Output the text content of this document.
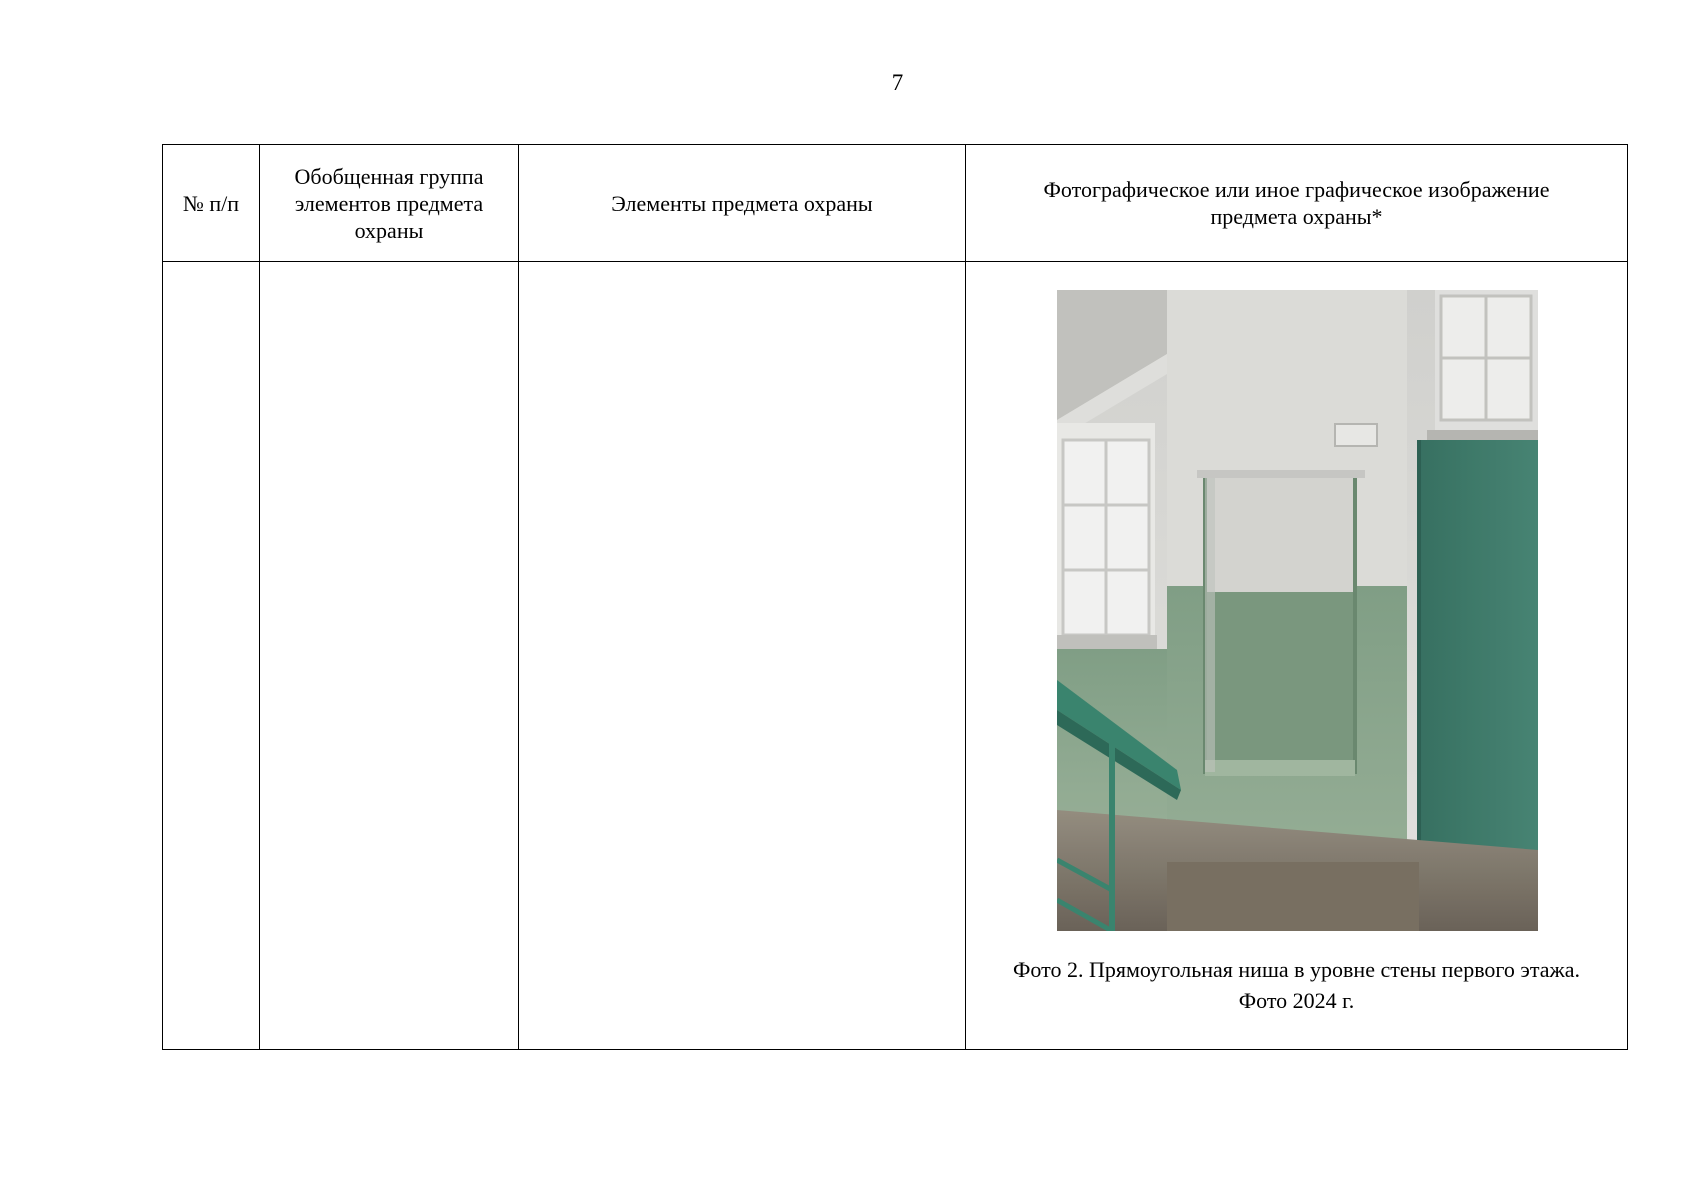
7
№ п/п	Обобщенная группа элементов предмета охраны	Элементы предмета охраны	Фотографическое или иное графическое изображение предмета охраны*

			Фото 2. Прямоугольная ниша в уровне стены первого этажа.
Фото 2024 г.
